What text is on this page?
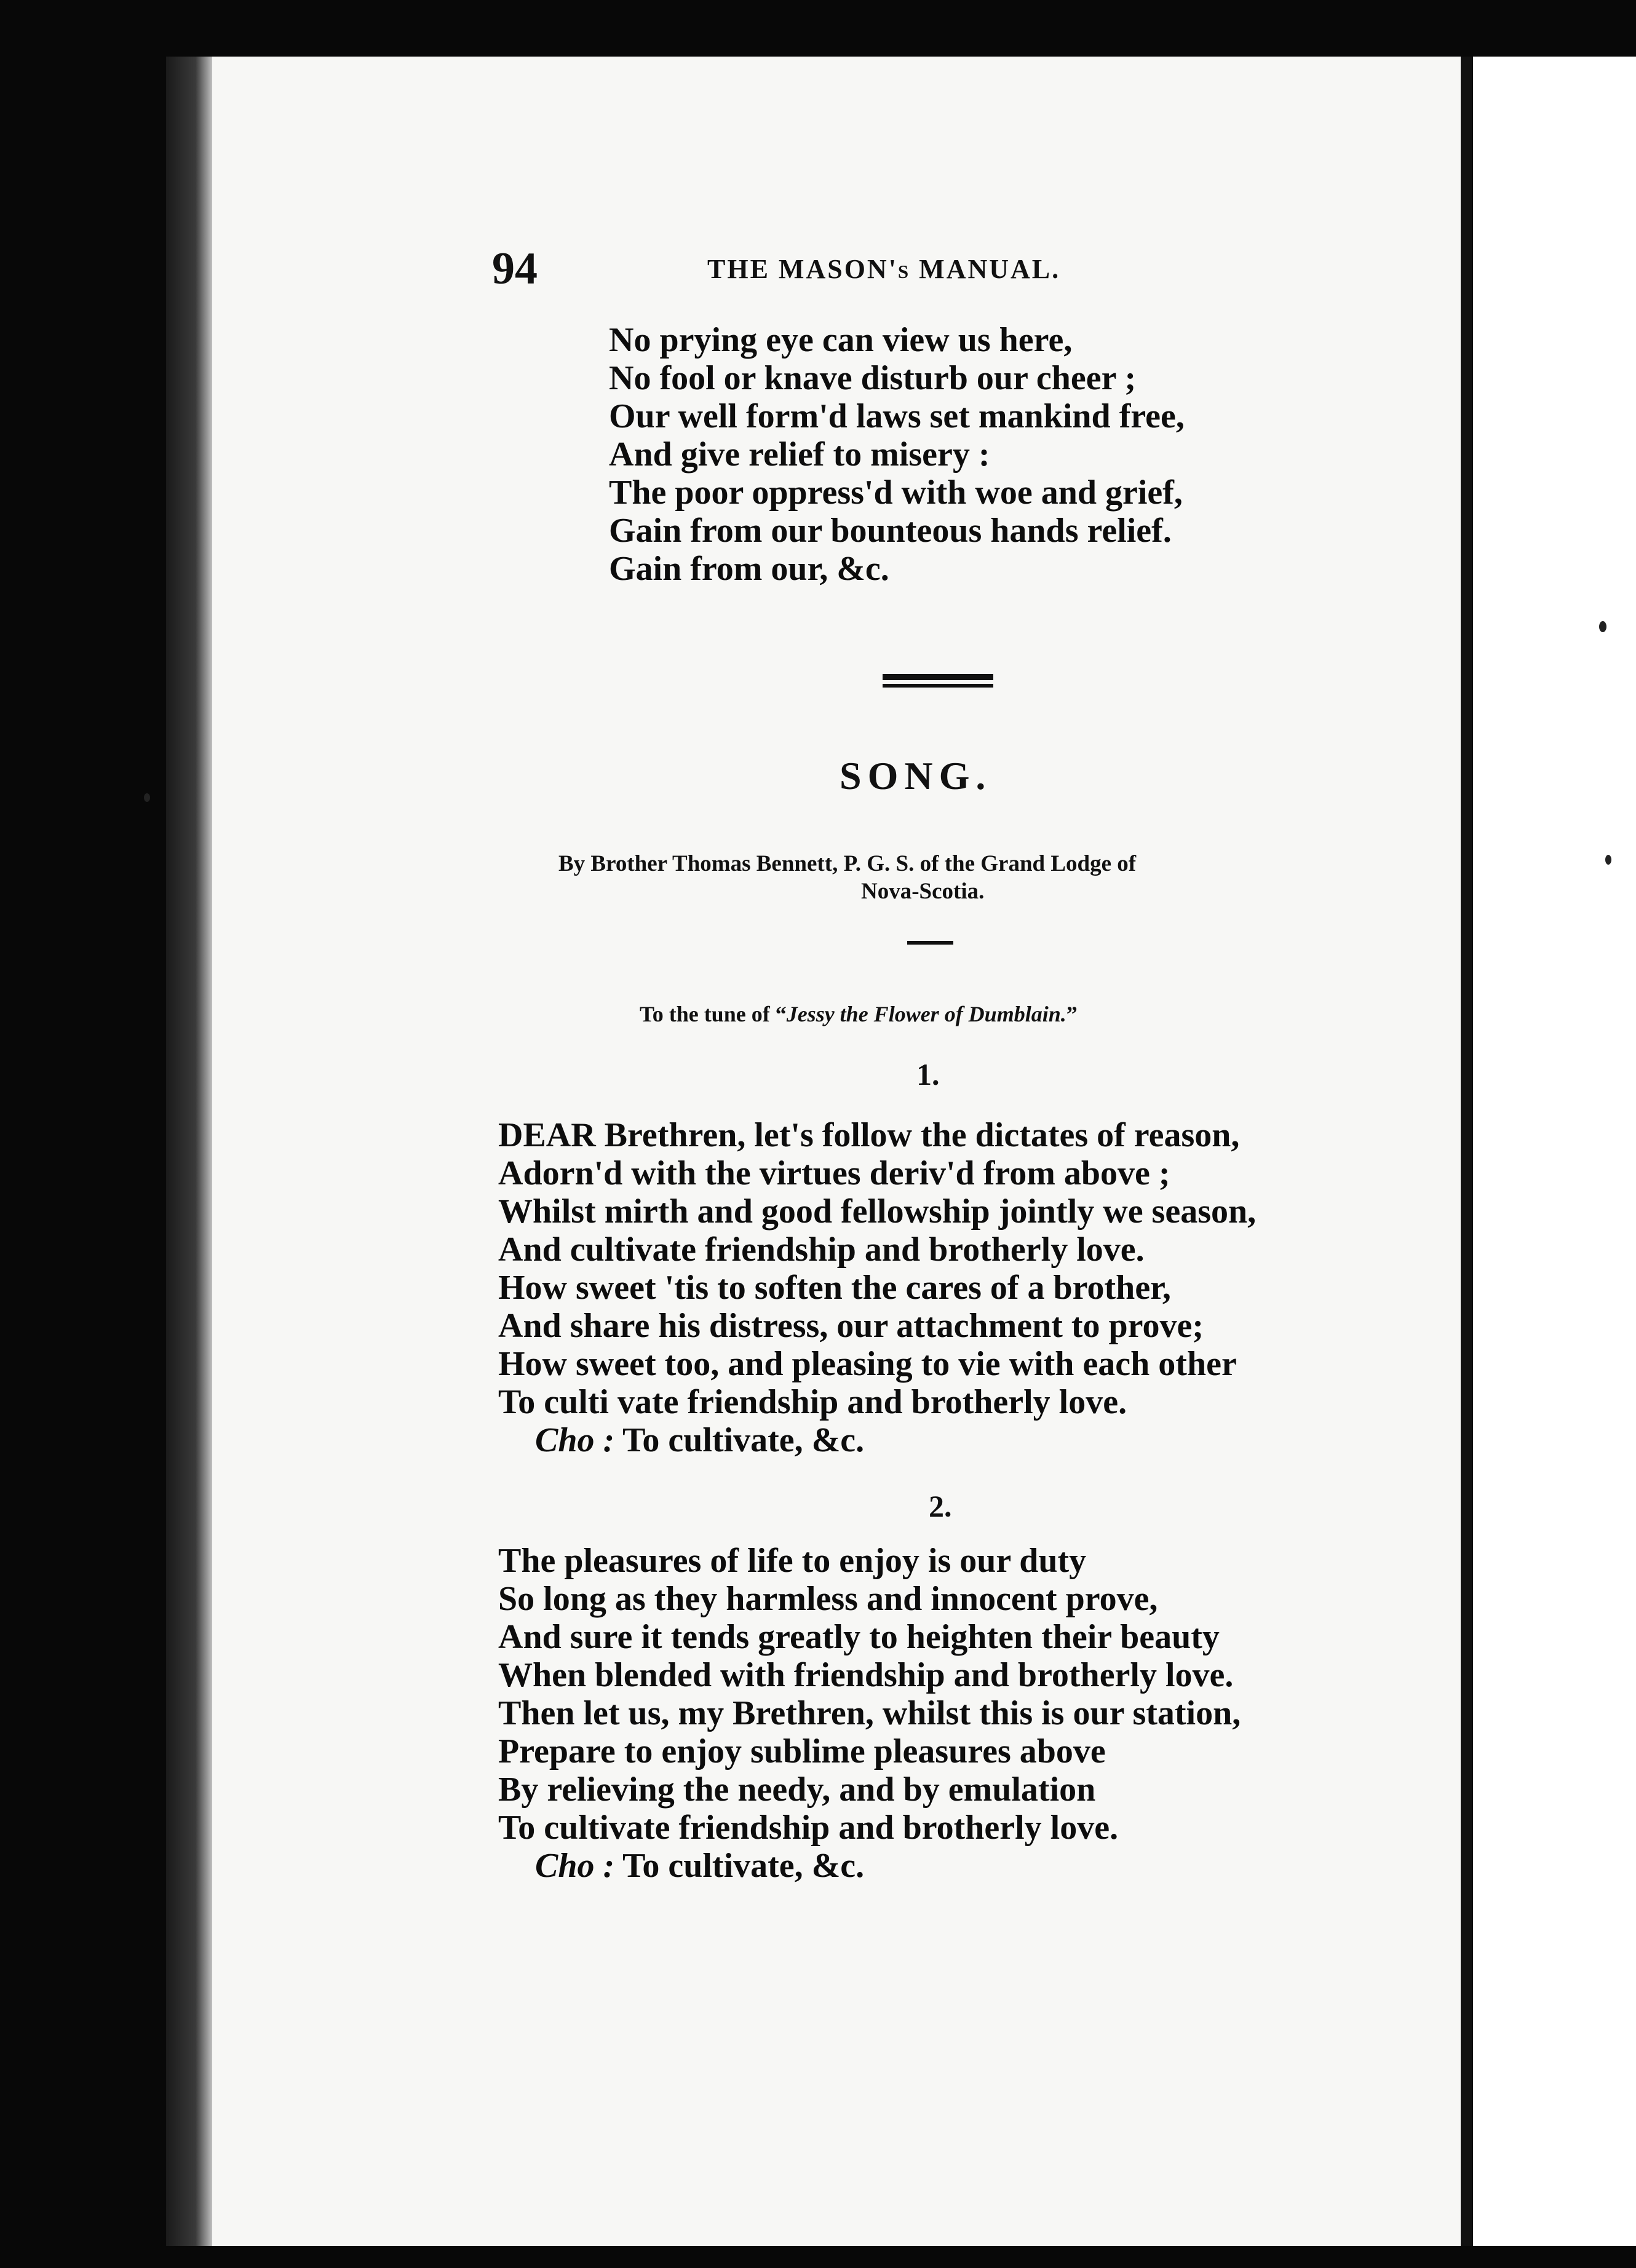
94	THE MASON's MANUAL.
No prying eye can view us here,
No fool or knave disturb our cheer ;
Our well form'd laws set mankind free,
And give relief to misery :
The poor oppress'd with woe and grief,
Gain from our bounteous hands relief.
Gain from our, &c.
SONG.
By Brother Thomas Bennett, P. G. S. of the Grand Lodge of
Nova-Scotia.
To the tune of “Jessy the Flower of Dumblain.”
1.
DEAR Brethren, let's follow the dictates of reason,
Adorn'd with the virtues deriv'd from above ;
Whilst mirth and good fellowship jointly we season,
And cultivate friendship and brotherly love.
How sweet 'tis to soften the cares of a brother,
And share his distress, our attachment to prove;
How sweet too, and pleasing to vie with each other
To culti vate friendship and brotherly love.
Cho : To cultivate, &c.
2.
The pleasures of life to enjoy is our duty
So long as they harmless and innocent prove,
And sure it tends greatly to heighten their beauty
When blended with friendship and brotherly love.
Then let us, my Brethren, whilst this is our station,
Prepare to enjoy sublime pleasures above
By relieving the needy, and by emulation
To cultivate friendship and brotherly love.
Cho : To cultivate, &c.
